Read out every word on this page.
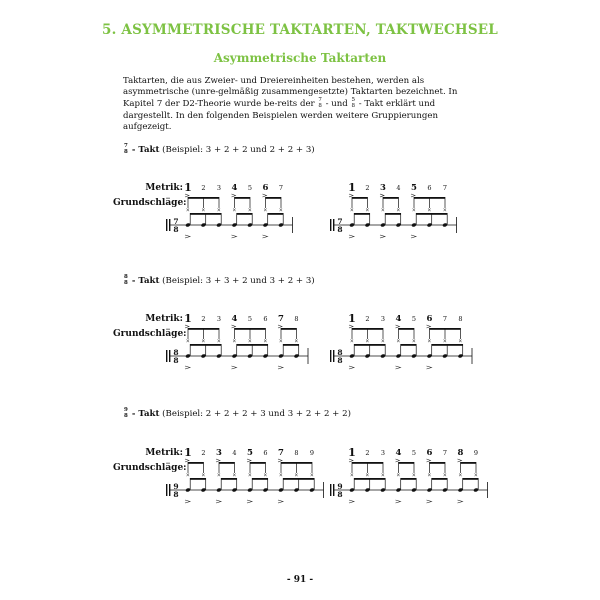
5. ASYMMETRISCHE TAKTARTEN, TAKTWECHSEL
Asymmetrische Taktarten

Taktarten, die aus Zweier- und Dreiereinheiten bestehen, werden als asymmetrische (unre-gelmäßig zusammengesetzte) Taktarten bezeichnet. In Kapitel 7 der D2-Theorie wurde be-reits der 7
8 - und 5
8 - Takt erklärt und dargestellt. In den folgenden Beispielen werden weitere Gruppierungen aufgezeigt.

7
8 - Takt (Beispiel: 3 + 2 + 2 und 2 + 2 + 3)
Metrik:
Grundschläge:
8
8 - Takt (Beispiel: 3 + 3 + 2 und 3 + 2 + 3)
Metrik:
Grundschläge:
9
8 - Takt (Beispiel: 2 + 2 + 2 + 3 und 3 + 2 + 2 + 2)
Metrik:
Grundschläge:
1 2 3 4 5 6 7
× × × × × × ×
7
8
1 2 3 4 5 6 7
× × × × × × ×
7
8
1 2 3 4 5 6 7 8
× × × × × × × ×
8
8
1 2 3 4 5 6 7 8
× × × × × × × ×
8
8
1 2 3 4 5 6 7 8 9
× × × × × × × × ×
9
8
1 2 3 4 5 6 7 8 9
× × × × × × × × ×
9
8
- 91 -
